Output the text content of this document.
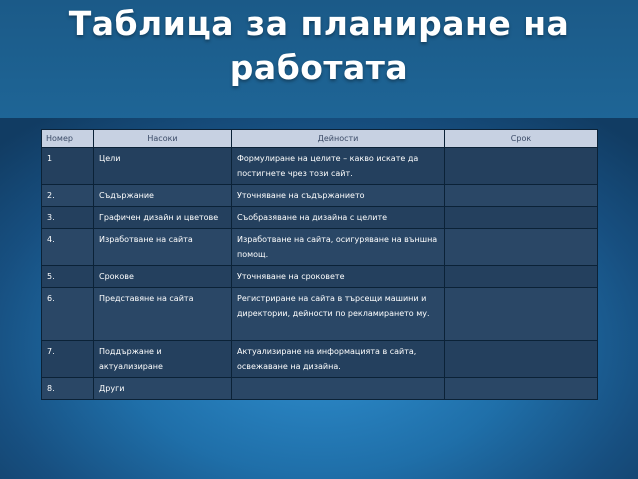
Таблица за планиране на
работата
Номер	Насоки	Дейности	Срок
1	Цели	Формулиране на целите – какво искате да постигнете чрез този сайт.	
2.	Съдържание	Уточняване на съдържанието	
3.	Графичен дизайн и цветове	Съобразяване на дизайна с целите	
4.	Изработване на сайта	Изработване на сайта, осигуряване на външна помощ.	
5.	Срокове	Уточняване на сроковете	
6.	Представяне на сайта	Регистриране на сайта в търсещи машини и директории, дейности по рекламирането му.	
7.	Поддържане и актуализиране	Актуализиране на информацията в сайта, освежаване на дизайна.	
8.	Други		
